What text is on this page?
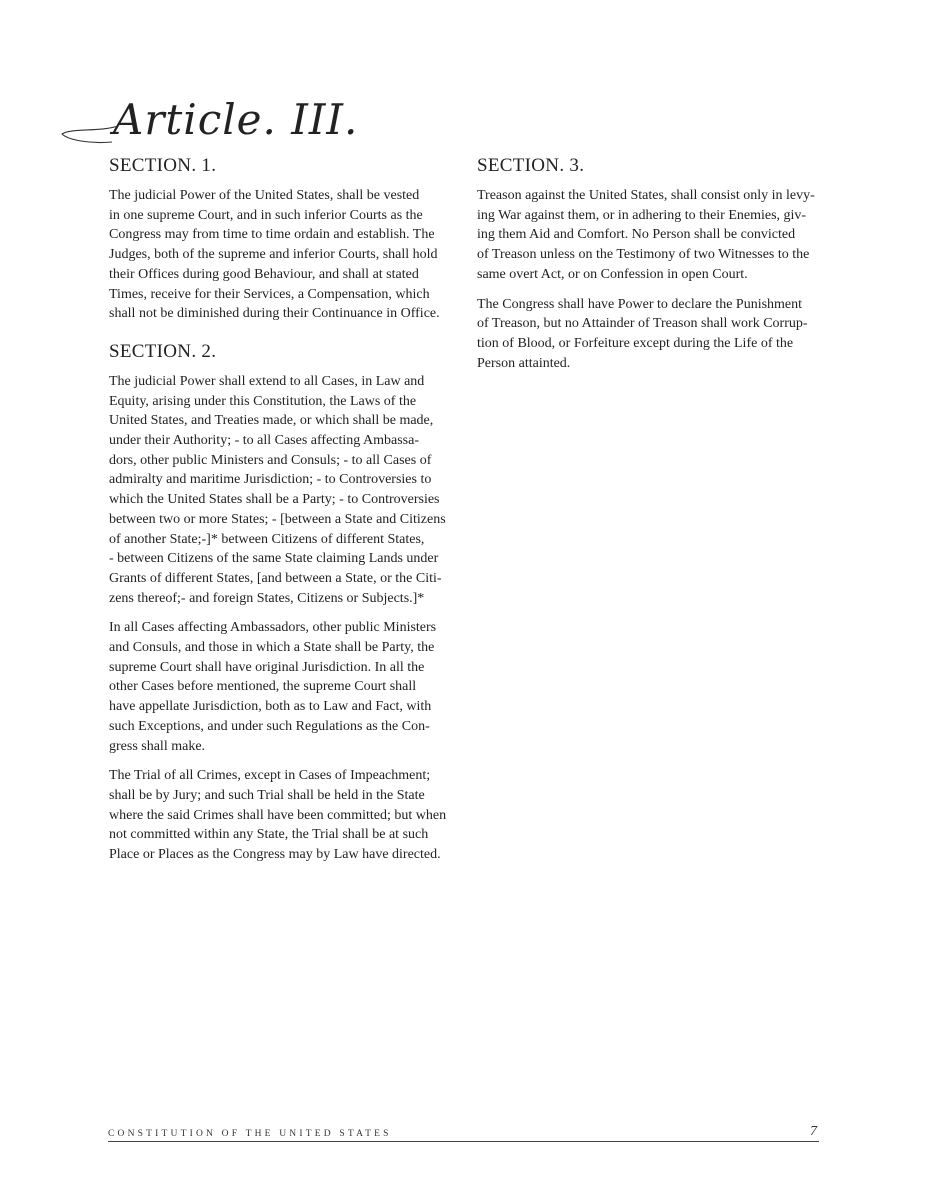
Article. III.
SECTION. 1.

The judicial Power of the United States, shall be vested
in one supreme Court, and in such inferior Courts as the
Congress may from time to time ordain and establish. The
Judges, both of the supreme and inferior Courts, shall hold
their Offices during good Behaviour, and shall at stated
Times, receive for their Services, a Compensation, which
shall not be diminished during their Continuance in Office.

SECTION. 2.

The judicial Power shall extend to all Cases, in Law and
Equity, arising under this Constitution, the Laws of the
United States, and Treaties made, or which shall be made,
under their Authority; - to all Cases affecting Ambassa-
dors, other public Ministers and Consuls; - to all Cases of
admiralty and maritime Jurisdiction; - to Controversies to
which the United States shall be a Party; - to Controversies
between two or more States; - [between a State and Citizens
of another State;-]* between Citizens of different States,
- between Citizens of the same State claiming Lands under
Grants of different States, [and between a State, or the Citi-
zens thereof;- and foreign States, Citizens or Subjects.]*

In all Cases affecting Ambassadors, other public Ministers
and Consuls, and those in which a State shall be Party, the
supreme Court shall have original Jurisdiction. In all the
other Cases before mentioned, the supreme Court shall
have appellate Jurisdiction, both as to Law and Fact, with
such Exceptions, and under such Regulations as the Con-
gress shall make.

The Trial of all Crimes, except in Cases of Impeachment;
shall be by Jury; and such Trial shall be held in the State
where the said Crimes shall have been committed; but when
not committed within any State, the Trial shall be at such
Place or Places as the Congress may by Law have directed.

SECTION. 3.

Treason against the United States, shall consist only in levy-
ing War against them, or in adhering to their Enemies, giv-
ing them Aid and Comfort. No Person shall be convicted
of Treason unless on the Testimony of two Witnesses to the
same overt Act, or on Confession in open Court.

The Congress shall have Power to declare the Punishment
of Treason, but no Attainder of Treason shall work Corrup-
tion of Blood, or Forfeiture except during the Life of the
Person attainted.

CONSTITUTION OF THE UNITED STATES	7
